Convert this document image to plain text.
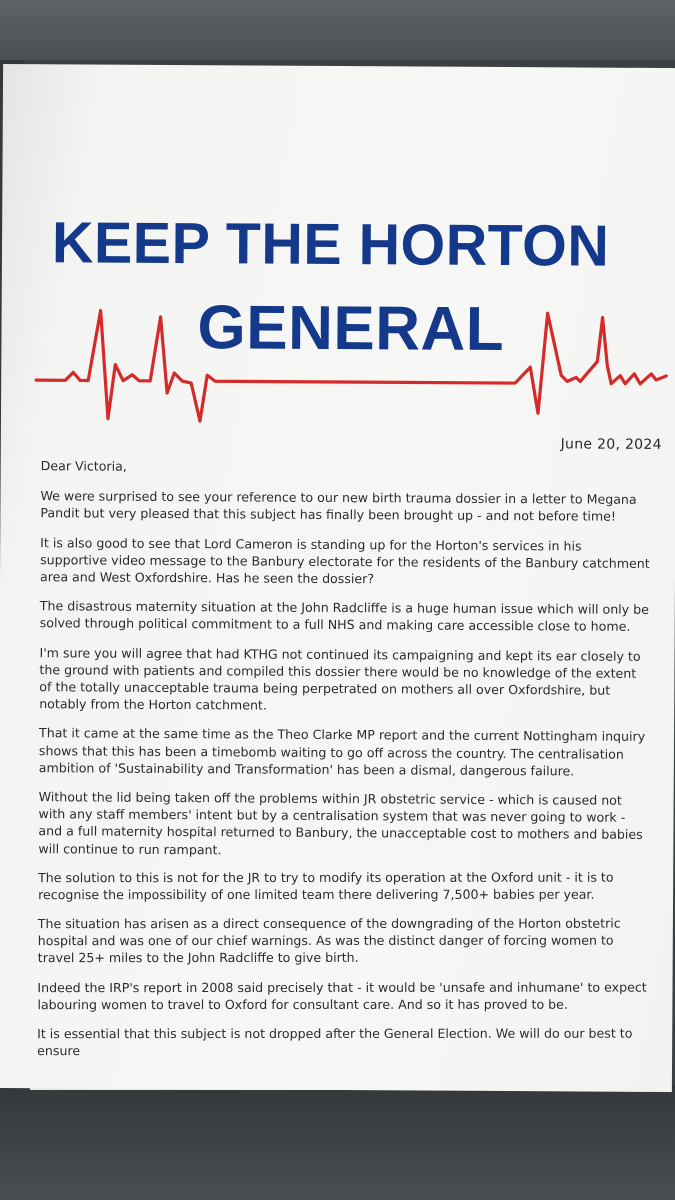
KEEP THE HORTON
GENERAL
June 20, 2024

Dear Victoria,

We were surprised to see your reference to our new birth trauma dossier in a letter to Megana Pandit but very pleased that this subject has finally been brought up - and not before time!

It is also good to see that Lord Cameron is standing up for the Horton's services in his supportive video message to the Banbury electorate for the residents of the Banbury catchment area and West Oxfordshire. Has he seen the dossier?

The disastrous maternity situation at the John Radcliffe is a huge human issue which will only be solved through political commitment to a full NHS and making care accessible close to home.

I'm sure you will agree that had KTHG not continued its campaigning and kept its ear closely to the ground with patients and compiled this dossier there would be no knowledge of the extent of the totally unacceptable trauma being perpetrated on mothers all over Oxfordshire, but notably from the Horton catchment.

That it came at the same time as the Theo Clarke MP report and the current Nottingham inquiry shows that this has been a timebomb waiting to go off across the country. The centralisation ambition of 'Sustainability and Transformation' has been a dismal, dangerous failure.

Without the lid being taken off the problems within JR obstetric service - which is caused not with any staff members' intent but by a centralisation system that was never going to work - and a full maternity hospital returned to Banbury, the unacceptable cost to mothers and babies will continue to run rampant.

The solution to this is not for the JR to try to modify its operation at the Oxford unit - it is to recognise the impossibility of one limited team there delivering 7,500+ babies per year.

The situation has arisen as a direct consequence of the downgrading of the Horton obstetric hospital and was one of our chief warnings. As was the distinct danger of forcing women to travel 25+ miles to the John Radcliffe to give birth.

Indeed the IRP's report in 2008 said precisely that - it would be 'unsafe and inhumane' to expect labouring women to travel to Oxford for consultant care. And so it has proved to be.

It is essential that this subject is not dropped after the General Election. We will do our best to ensure
